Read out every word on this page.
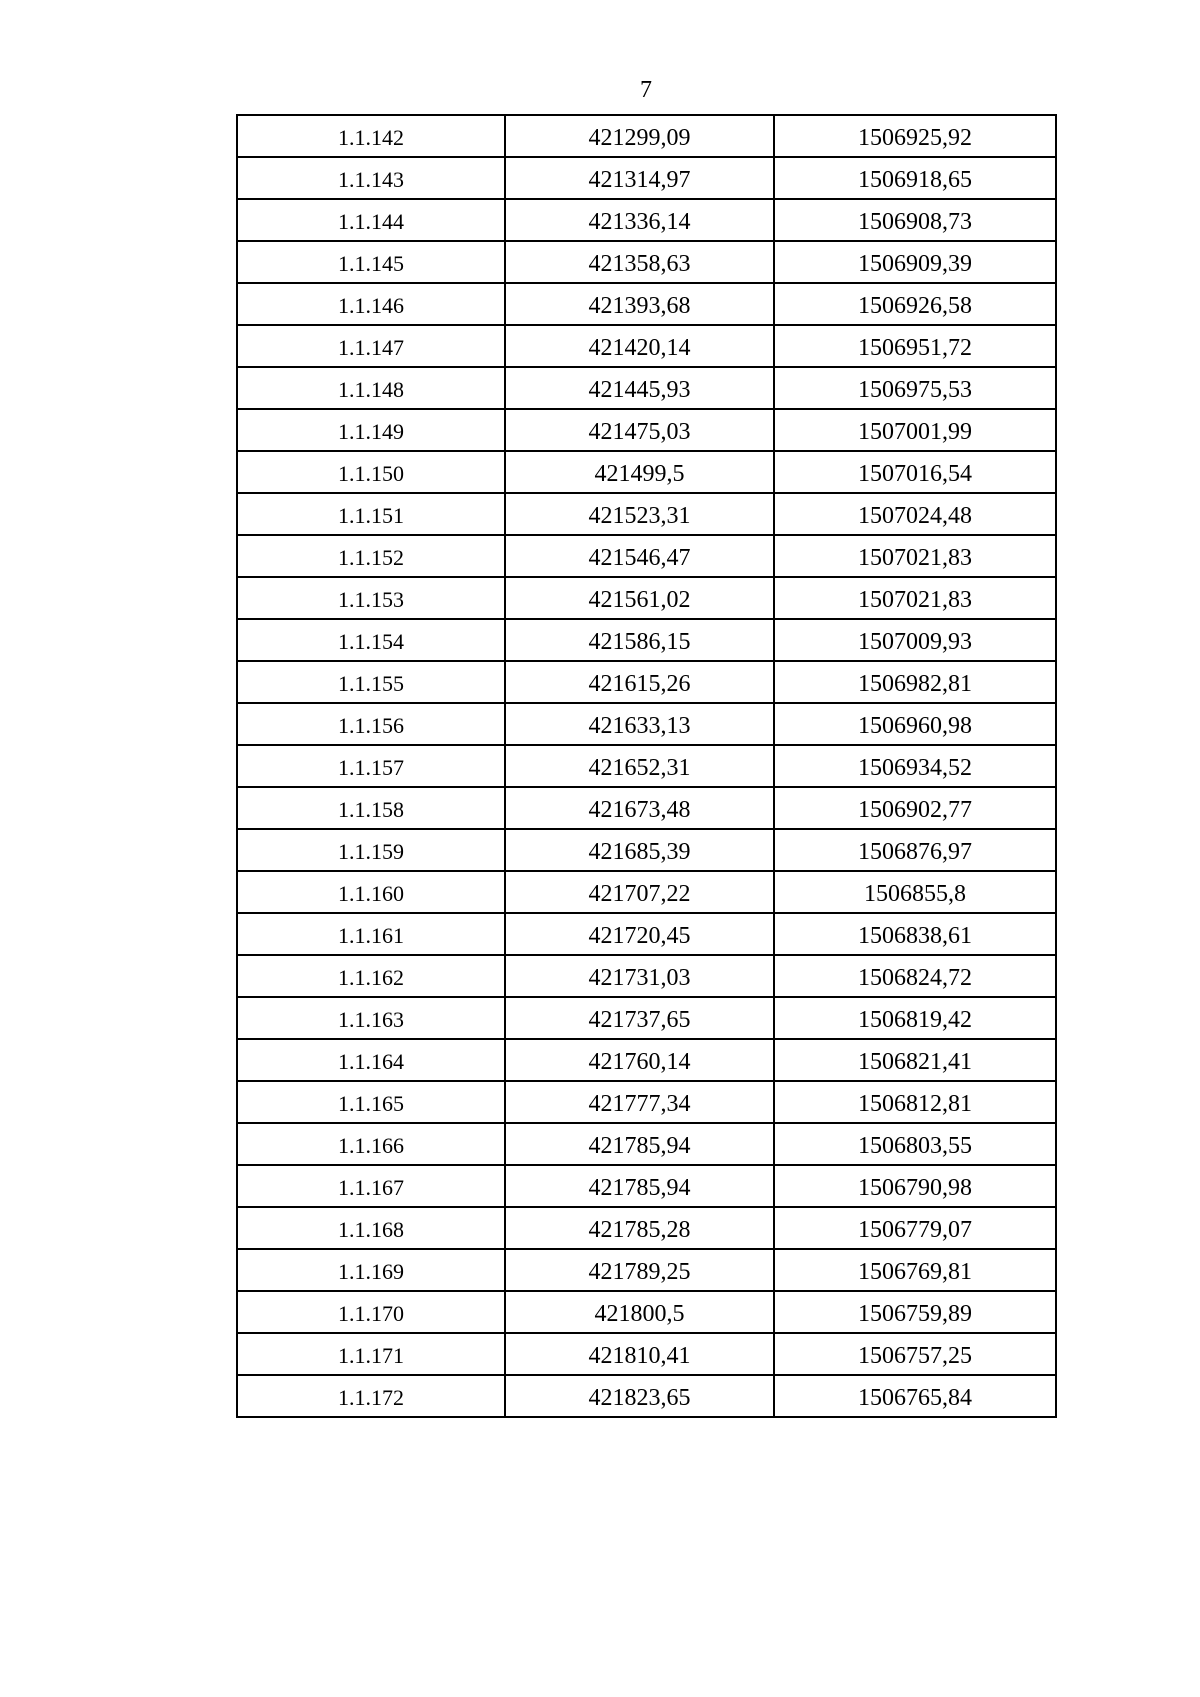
7
1.1.142	421299,09	1506925,92
1.1.143	421314,97	1506918,65
1.1.144	421336,14	1506908,73
1.1.145	421358,63	1506909,39
1.1.146	421393,68	1506926,58
1.1.147	421420,14	1506951,72
1.1.148	421445,93	1506975,53
1.1.149	421475,03	1507001,99
1.1.150	421499,5	1507016,54
1.1.151	421523,31	1507024,48
1.1.152	421546,47	1507021,83
1.1.153	421561,02	1507021,83
1.1.154	421586,15	1507009,93
1.1.155	421615,26	1506982,81
1.1.156	421633,13	1506960,98
1.1.157	421652,31	1506934,52
1.1.158	421673,48	1506902,77
1.1.159	421685,39	1506876,97
1.1.160	421707,22	1506855,8
1.1.161	421720,45	1506838,61
1.1.162	421731,03	1506824,72
1.1.163	421737,65	1506819,42
1.1.164	421760,14	1506821,41
1.1.165	421777,34	1506812,81
1.1.166	421785,94	1506803,55
1.1.167	421785,94	1506790,98
1.1.168	421785,28	1506779,07
1.1.169	421789,25	1506769,81
1.1.170	421800,5	1506759,89
1.1.171	421810,41	1506757,25
1.1.172	421823,65	1506765,84
